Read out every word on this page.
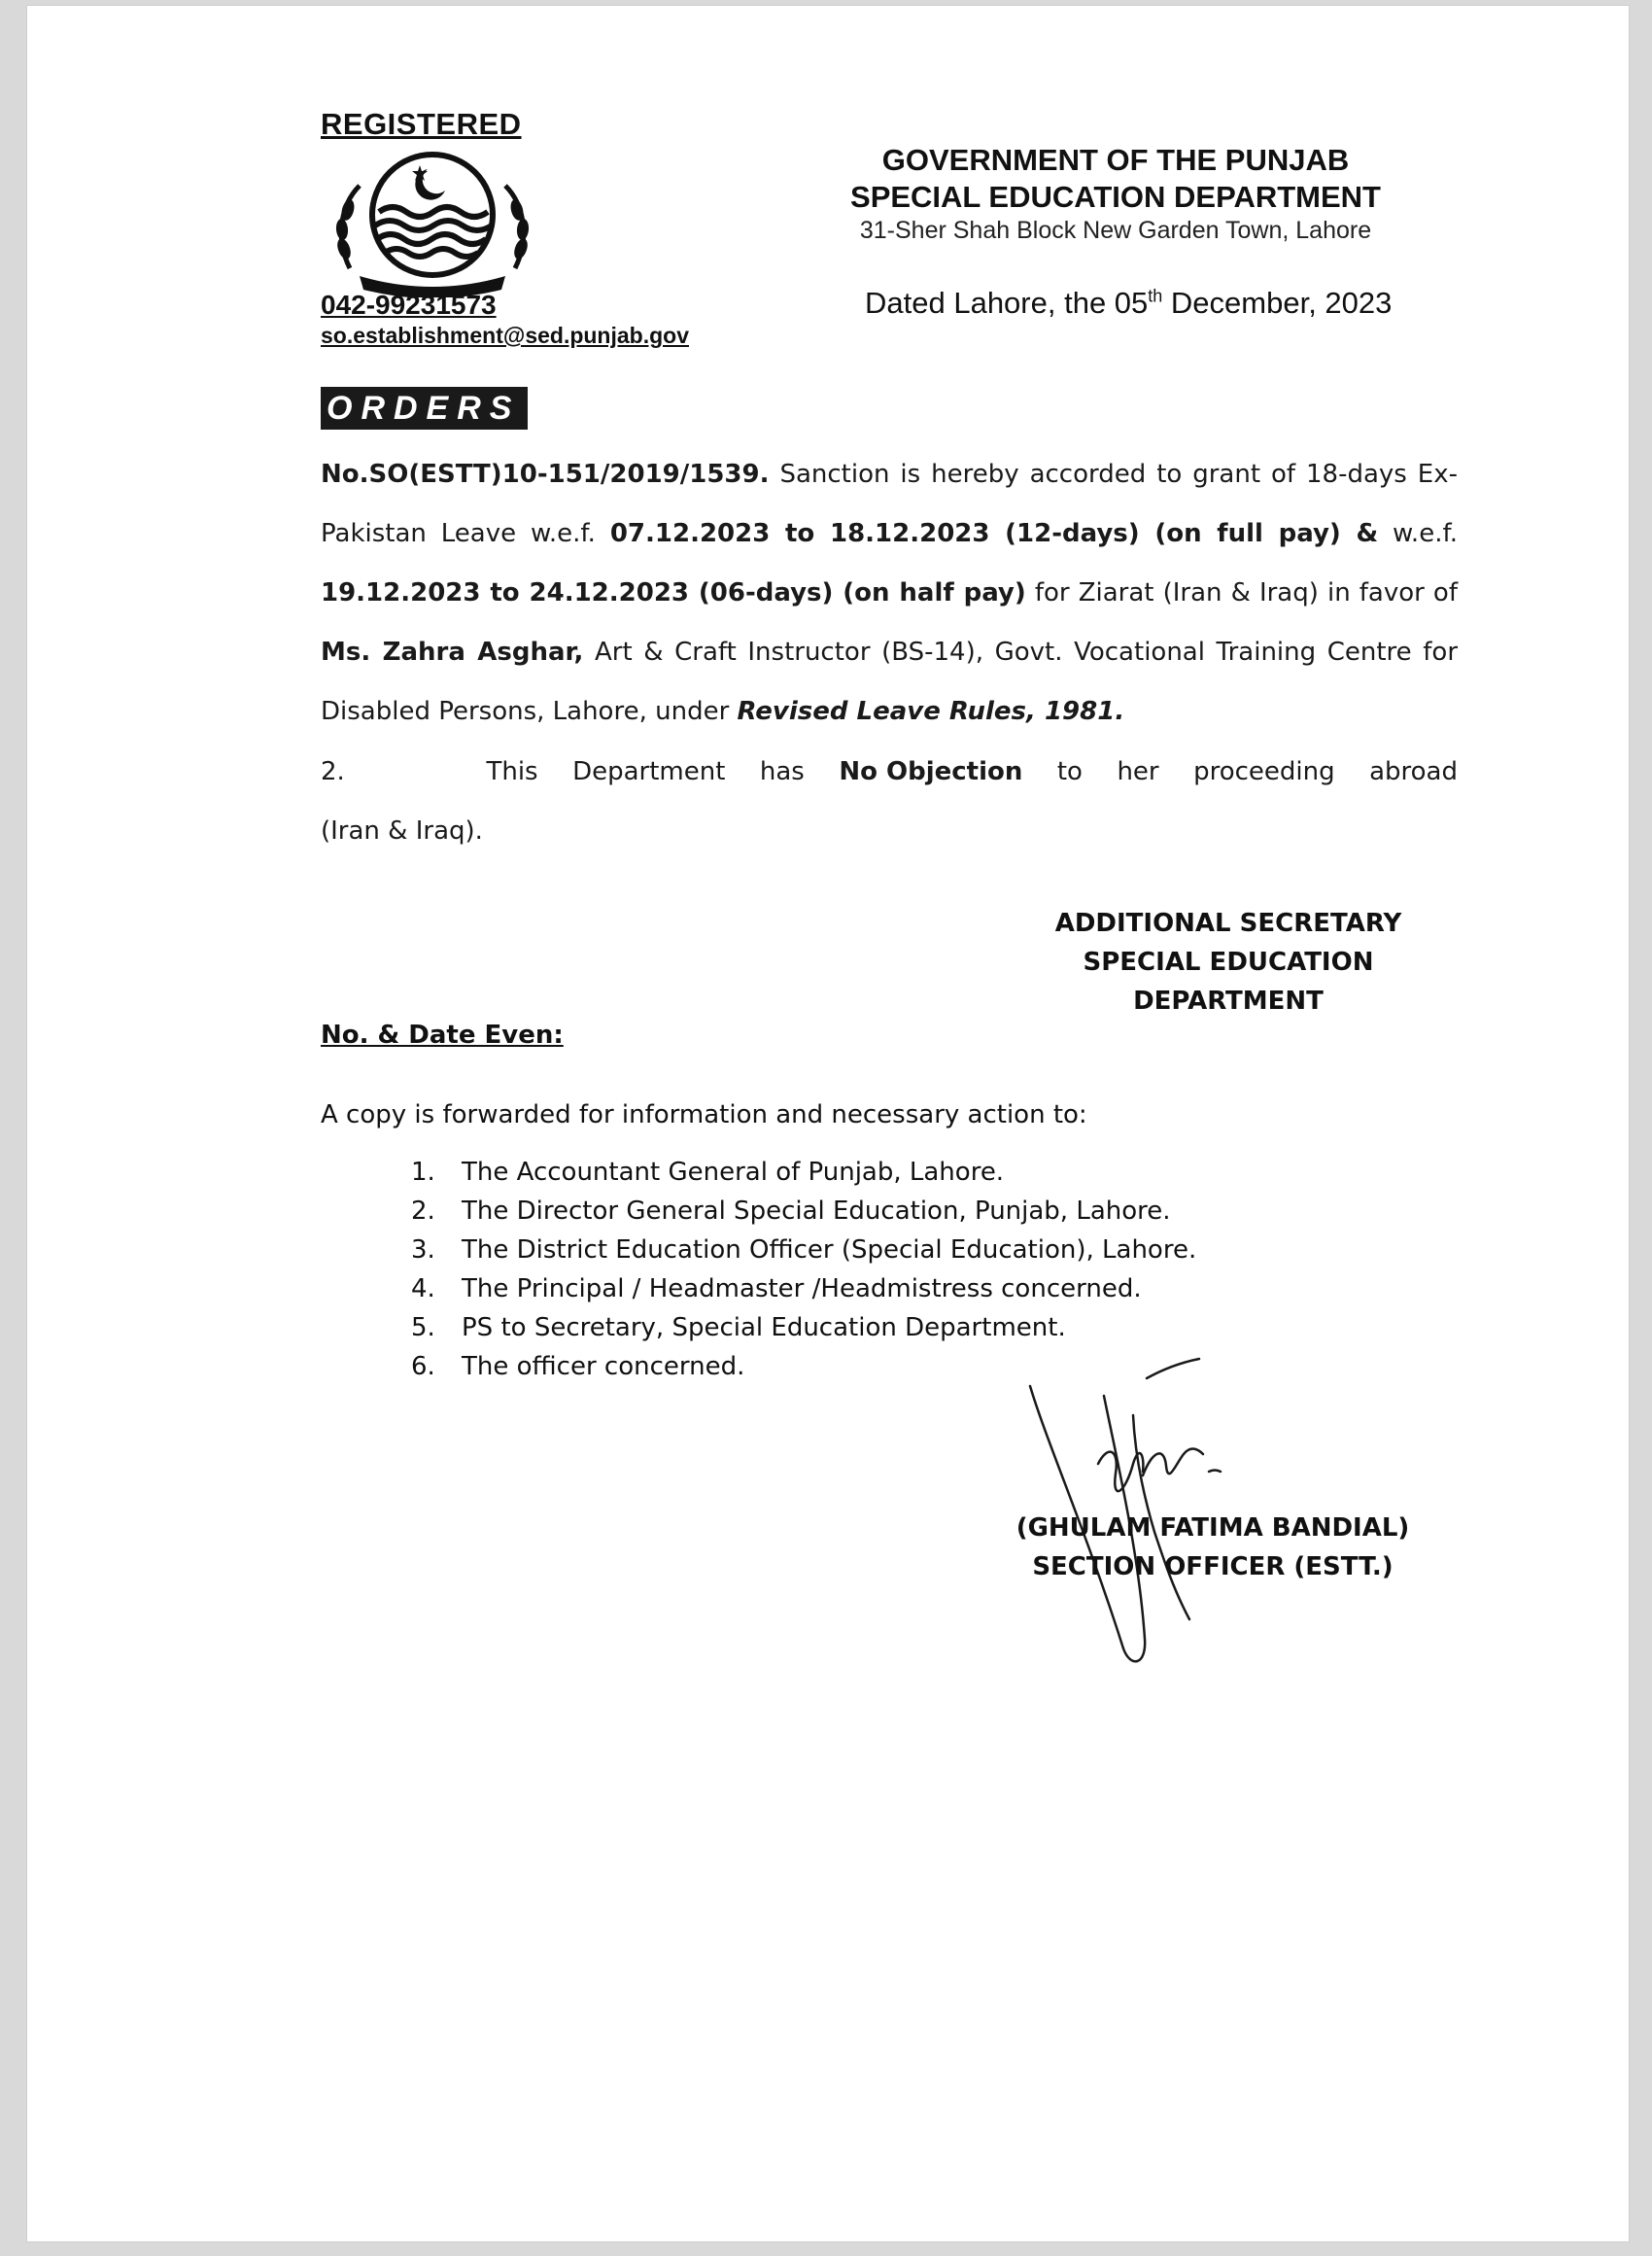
REGISTERED
042-99231573
so.establishment@sed.punjab.gov
GOVERNMENT OF THE PUNJAB
SPECIAL EDUCATION DEPARTMENT
31-Sher Shah Block New Garden Town, Lahore
Dated Lahore, the 05th December, 2023
ORDERS
No.SO(ESTT)10-151/2019/1539. Sanction is hereby accorded to grant of 18-days Ex-Pakistan Leave w.e.f. 07.12.2023 to 18.12.2023 (12-days) (on full pay) & w.e.f. 19.12.2023 to 24.12.2023 (06-days) (on half pay) for Ziarat (Iran & Iraq) in favor of Ms. Zahra Asghar, Art & Craft Instructor (BS-14), Govt. Vocational Training Centre for Disabled Persons, Lahore, under Revised Leave Rules, 1981.
2.	This Department has No Objection to her proceeding abroad
(Iran & Iraq).
ADDITIONAL SECRETARY
SPECIAL EDUCATION
DEPARTMENT
No. & Date Even:
A copy is forwarded for information and necessary action to:
1.	The Accountant General of Punjab, Lahore.
2.	The Director General Special Education, Punjab, Lahore.
3.	The District Education Officer (Special Education), Lahore.
4.	The Principal / Headmaster /Headmistress concerned.
5.	PS to Secretary, Special Education Department.
6.	The officer concerned.
(GHULAM FATIMA BANDIAL)
SECTION OFFICER (ESTT.)
